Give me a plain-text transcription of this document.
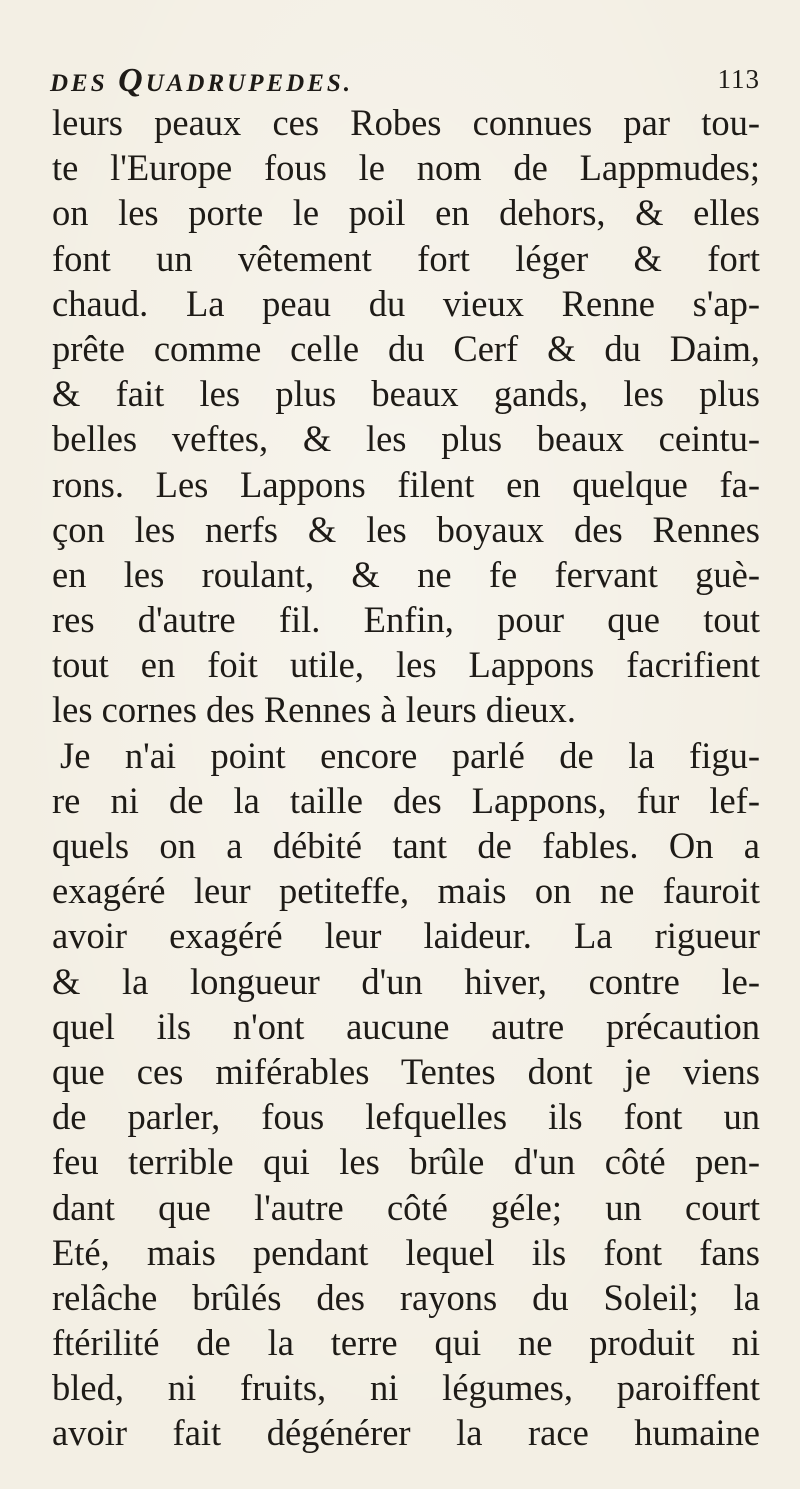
DES QUADRUPEDES.	113
leurs peaux ces Robes connues par tou-
te l'Europe fous le nom de Lappmudes;
on les porte le poil en dehors, & elles
font un vêtement fort léger & fort
chaud. La peau du vieux Renne s'ap-
prête comme celle du Cerf & du Daim,
& fait les plus beaux gands, les plus
belles veftes, & les plus beaux ceintu-
rons. Les Lappons filent en quelque fa-
çon les nerfs & les boyaux des Rennes
en les roulant, & ne fe fervant guè-
res d'autre fil. Enfin, pour que tout
tout en foit utile, les Lappons facrifient
les cornes des Rennes à leurs dieux.
Je n'ai point encore parlé de la figu-
re ni de la taille des Lappons, fur lef-
quels on a débité tant de fables. On a
exagéré leur petiteffe, mais on ne fauroit
avoir exagéré leur laideur. La rigueur
& la longueur d'un hiver, contre le-
quel ils n'ont aucune autre précaution
que ces miférables Tentes dont je viens
de parler, fous lefquelles ils font un
feu terrible qui les brûle d'un côté pen-
dant que l'autre côté géle; un court
Eté, mais pendant lequel ils font fans
relâche brûlés des rayons du Soleil; la
ftérilité de la terre qui ne produit ni
bled, ni fruits, ni légumes, paroiffent
avoir fait dégénérer la race humaine
